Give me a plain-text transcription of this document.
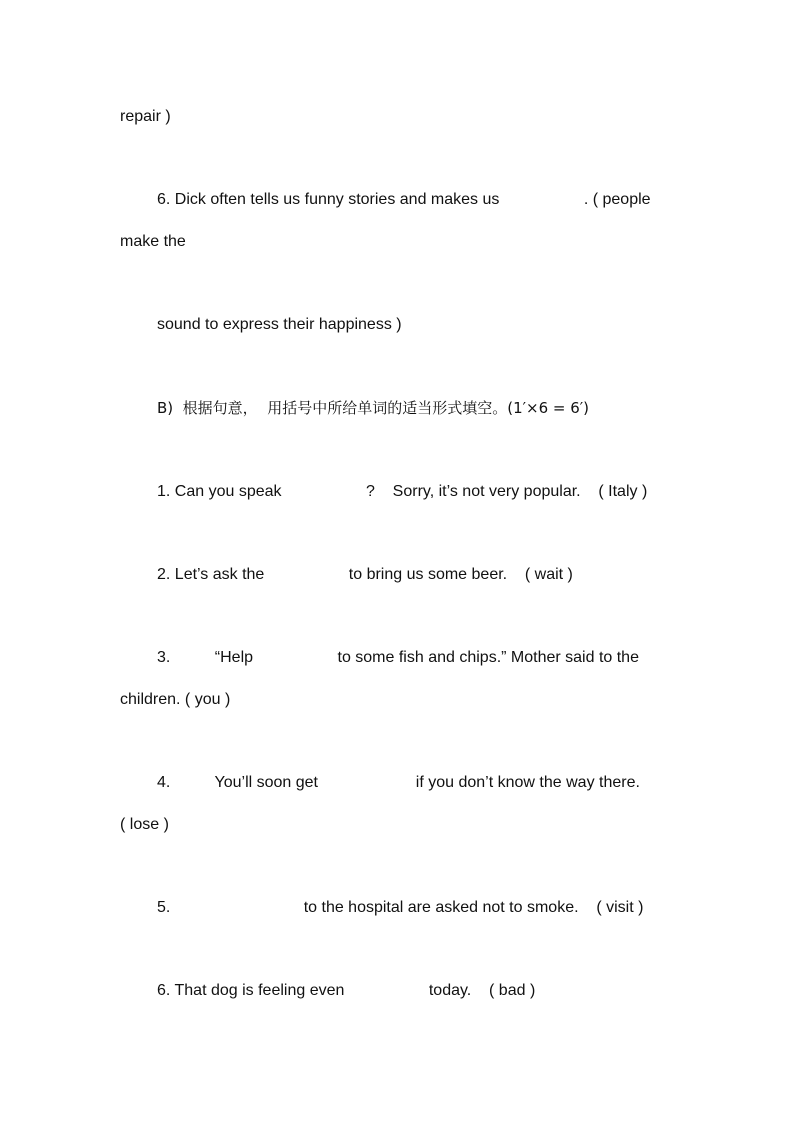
repair )
6. Dick often tells us funny stories and makes us                   . ( people
make the
sound to express their happiness )
B)  根据句意，  用括号中所给单词的适当形式填空。(1′×6 = 6′)
1. Can you speak                   ?    Sorry, it’s not very popular.    ( Italy )
2. Let’s ask the                   to bring us some beer.    ( wait )
3.          “Help                   to some fish and chips.” Mother said to the
children. ( you )
4.          You’ll soon get                      if you don’t know the way there.
( lose )
5.                              to the hospital are asked not to smoke.    ( visit )
6. That dog is feeling even                   today.    ( bad )
